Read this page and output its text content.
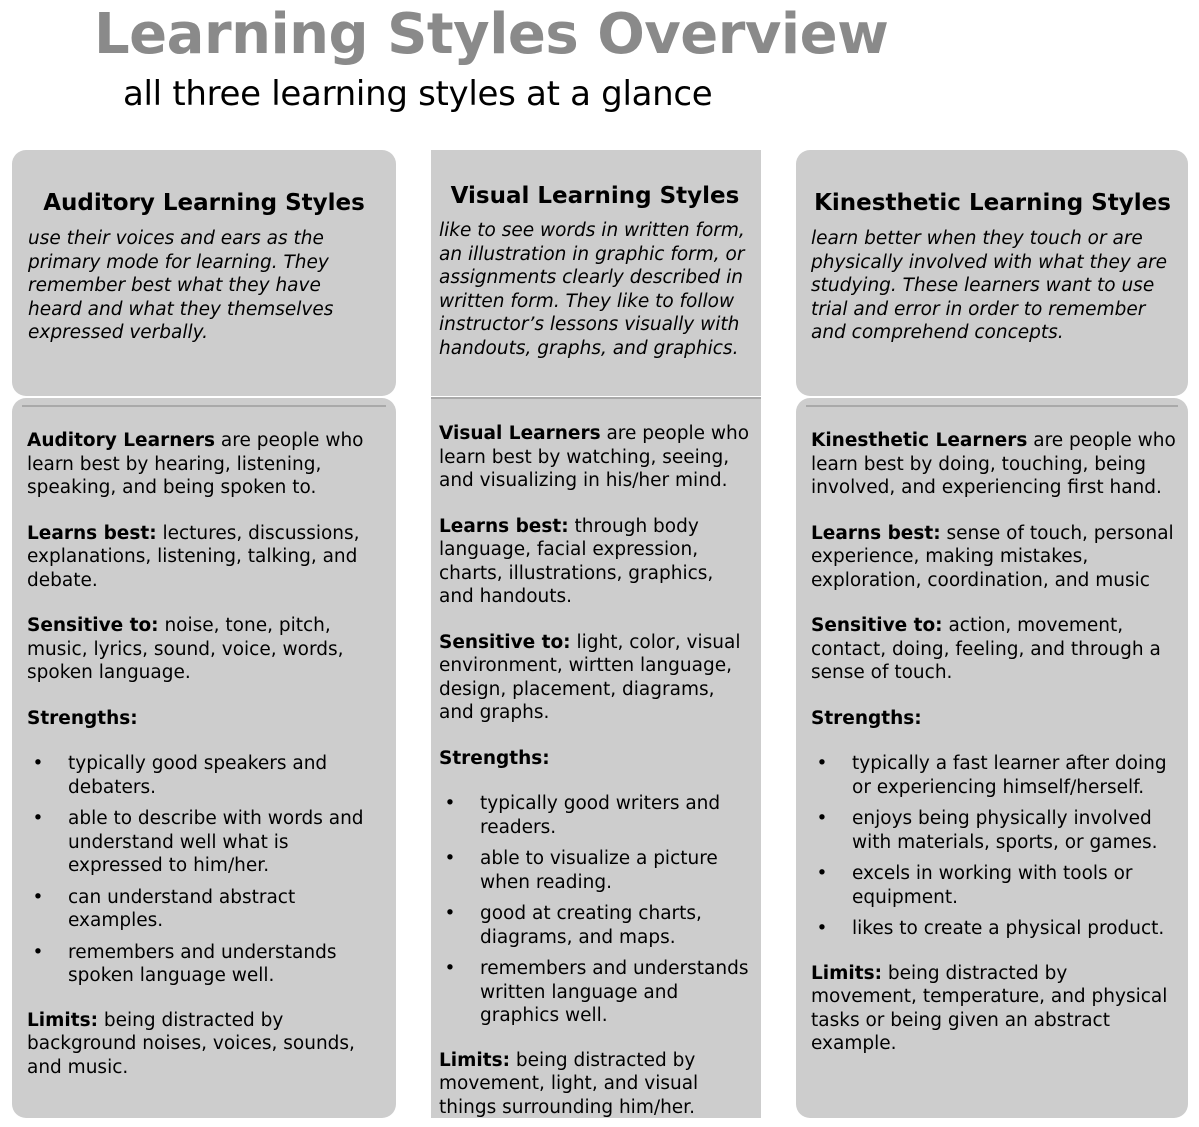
Learning Styles Overview
all three learning styles at a glance
Auditory Learning Styles

use their voices and ears as the primary mode for learning. They remember best what they have heard and what they themselves expressed verbally.

Auditory Learners are people who learn best by hearing, listening, speaking, and being spoken to.

Learns best: lectures, discussions, explanations, listening, talking, and debate.

Sensitive to: noise, tone, pitch, music, lyrics, sound, voice, words, spoken language.

Strengths:

• typically good speakers and debaters.
• able to describe with words and understand well what is expressed to him/her.
• can understand abstract examples.
• remembers and understands spoken language well.

Limits: being distracted by background noises, voices, sounds, and music.

Visual Learning Styles

like to see words in written form, an illustration in graphic form, or assignments clearly described in written form. They like to follow instructor’s lessons visually with handouts, graphs, and graphics.

Visual Learners are people who learn best by watching, seeing, and visualizing in his/her mind.

Learns best: through body language, facial expression, charts, illustrations, graphics, and handouts.

Sensitive to: light, color, visual environment, wirtten language, design, placement, diagrams, and graphs.

Strengths:

• typically good writers and readers.
• able to visualize a picture when reading.
• good at creating charts, diagrams, and maps.
• remembers and understands written language and graphics well.

Limits: being distracted by movement, light, and visual things surrounding him/her.

Kinesthetic Learning Styles

learn better when they touch or are physically involved with what they are studying. These learners want to use trial and error in order to remember and comprehend concepts.

Kinesthetic Learners are people who learn best by doing, touching, being involved, and experiencing first hand.

Learns best: sense of touch, personal experience, making mistakes, exploration, coordination, and music

Sensitive to: action, movement, contact, doing, feeling, and through a sense of touch.

Strengths:

• typically a fast learner after doing or experiencing himself/herself.
• enjoys being physically involved with materials, sports, or games.
• excels in working with tools or equipment.
• likes to create a physical product.

Limits: being distracted by movement, temperature, and physical tasks or being given an abstract example.
